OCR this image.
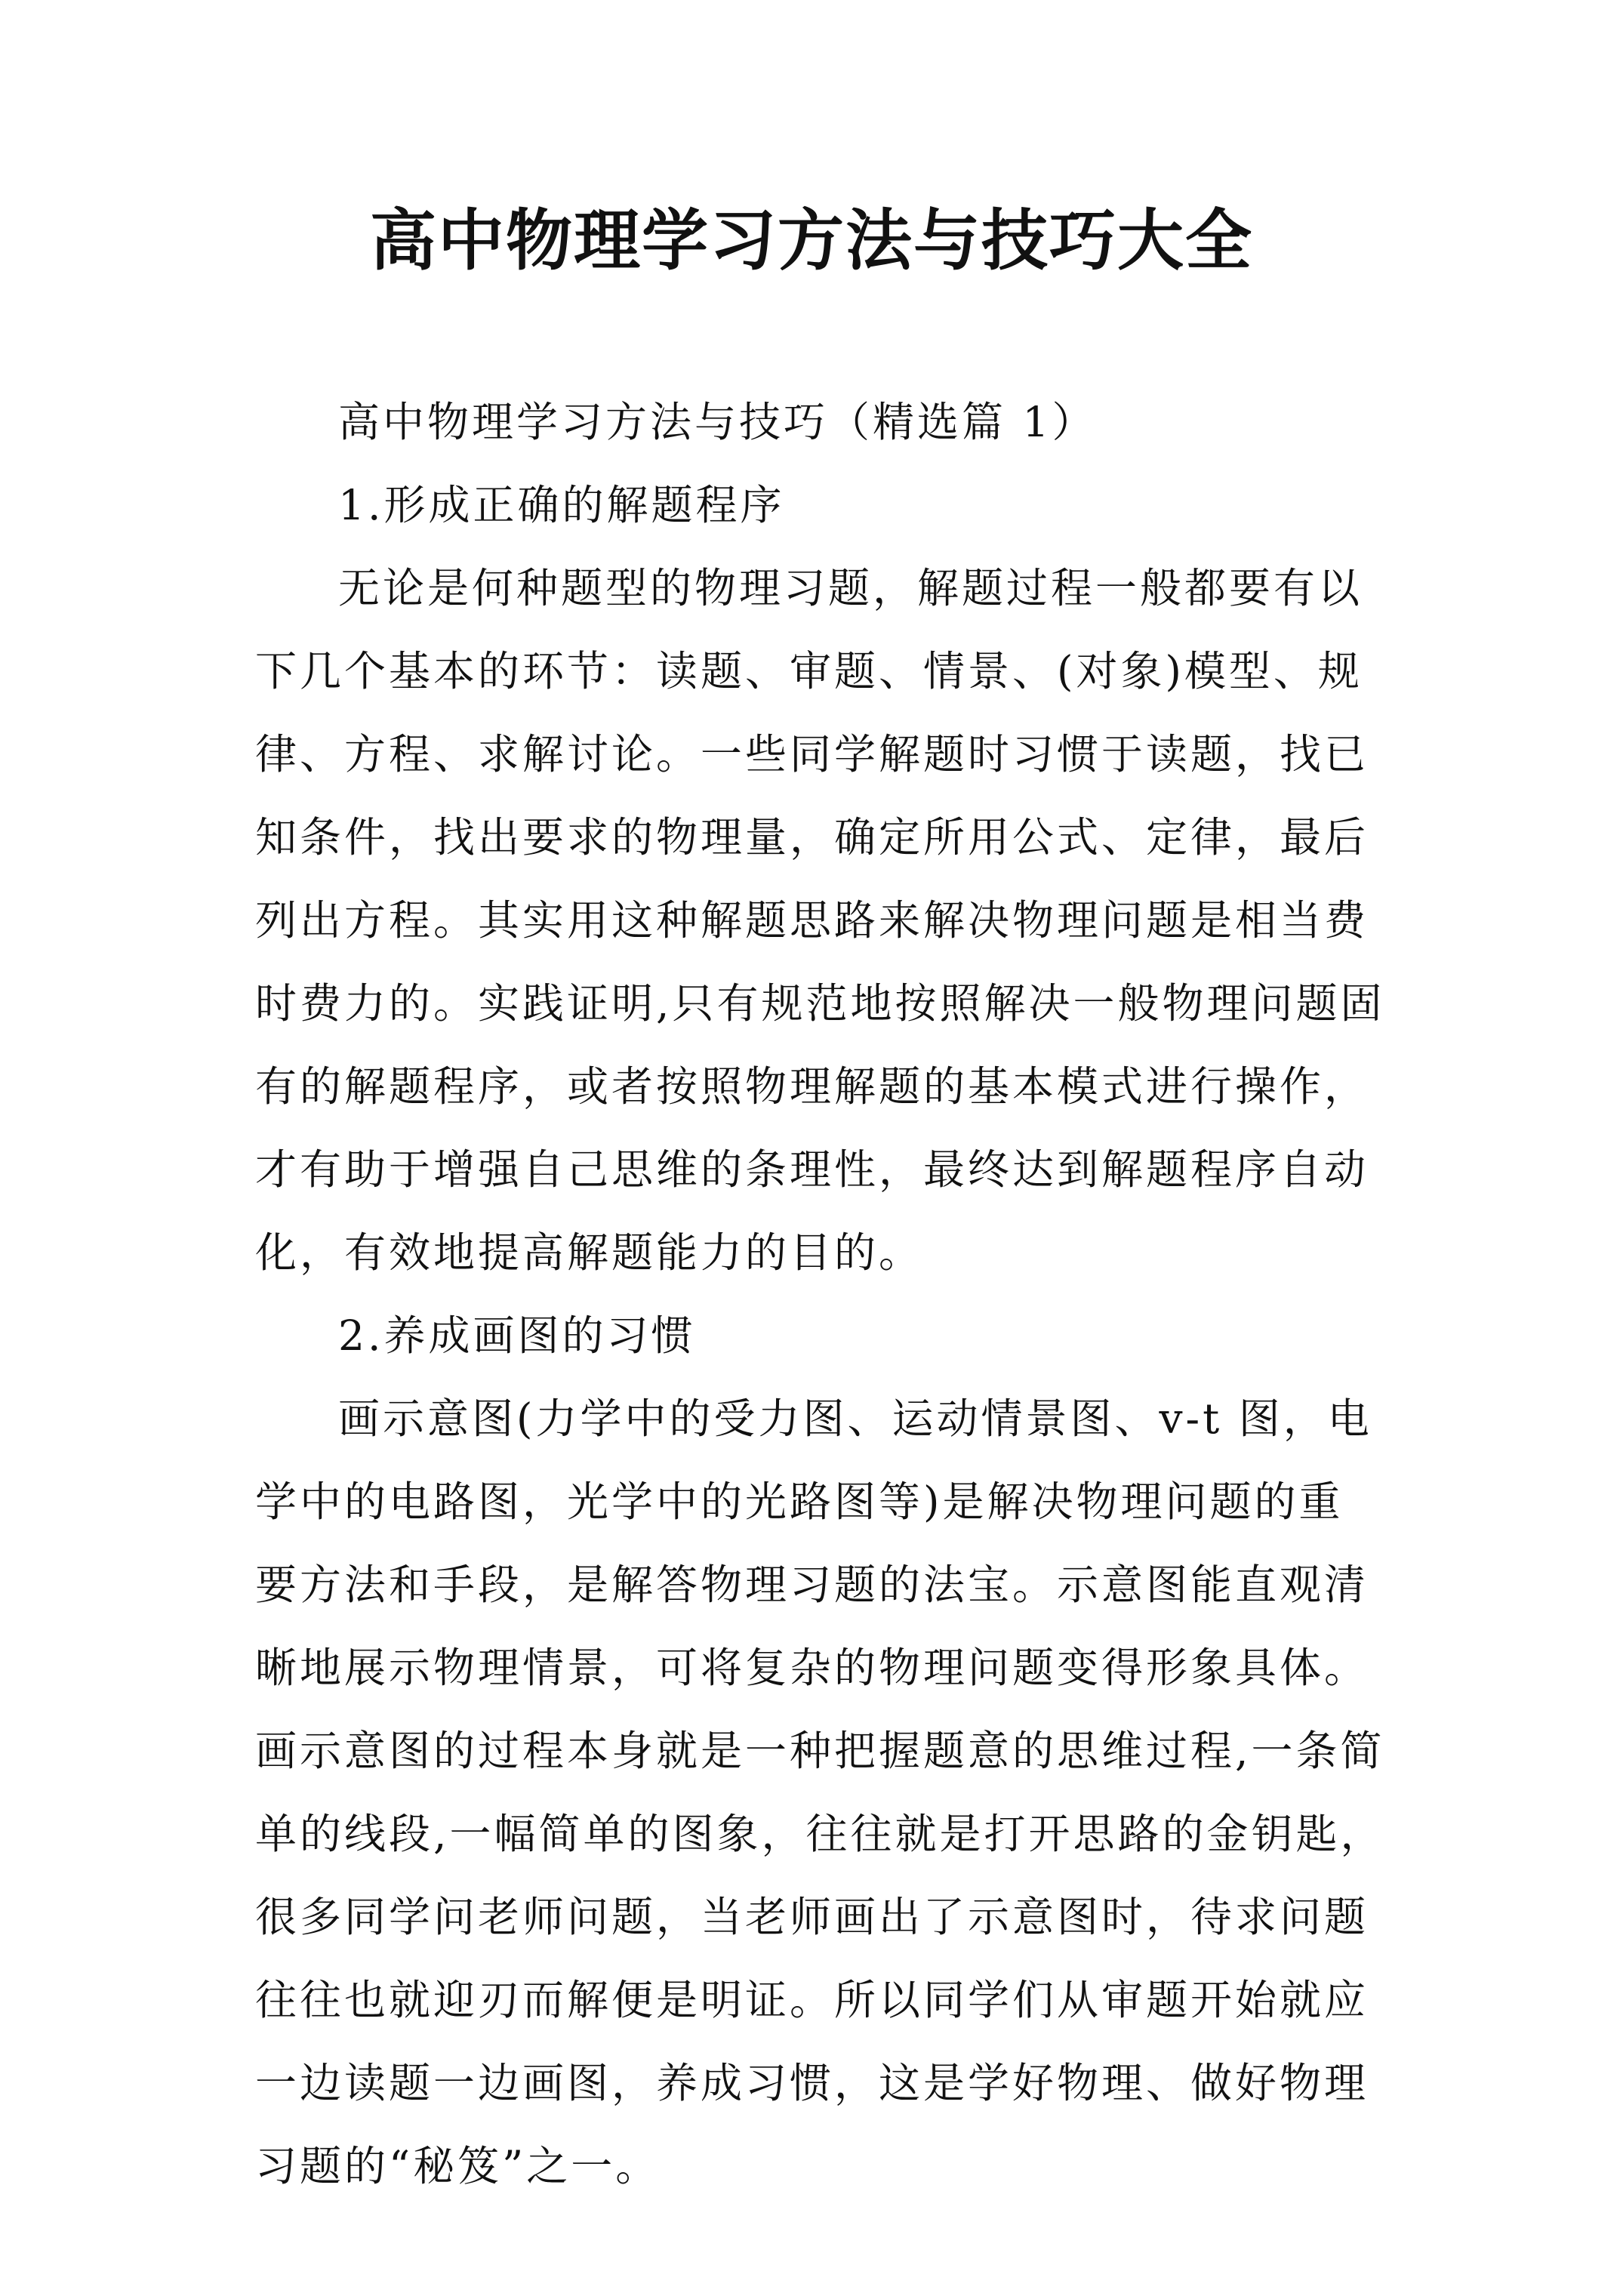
高中物理学习方法与技巧大全

高中物理学习方法与技巧（精选篇 1）

1.形成正确的解题程序

无论是何种题型的物理习题，解题过程一般都要有以下几个基本的环节：读题、审题、情景、(对象)模型、规律、方程、求解讨论。一些同学解题时习惯于读题，找已知条件，找出要求的物理量，确定所用公式、定律，最后列出方程。其实用这种解题思路来解决物理问题是相当费时费力的。实践证明,只有规范地按照解决一般物理问题固有的解题程序，或者按照物理解题的基本模式进行操作，才有助于增强自己思维的条理性，最终达到解题程序自动化，有效地提高解题能力的目的。

2.养成画图的习惯

画示意图(力学中的受力图、运动情景图、v-t 图，电学中的电路图，光学中的光路图等)是解决物理问题的重要方法和手段，是解答物理习题的法宝。示意图能直观清晰地展示物理情景，可将复杂的物理问题变得形象具体。画示意图的过程本身就是一种把握题意的思维过程,一条简单的线段,一幅简单的图象，往往就是打开思路的金钥匙，很多同学问老师问题，当老师画出了示意图时，待求问题往往也就迎刃而解便是明证。所以同学们从审题开始就应一边读题一边画图，养成习惯，这是学好物理、做好物理习题的“秘笈”之一。
